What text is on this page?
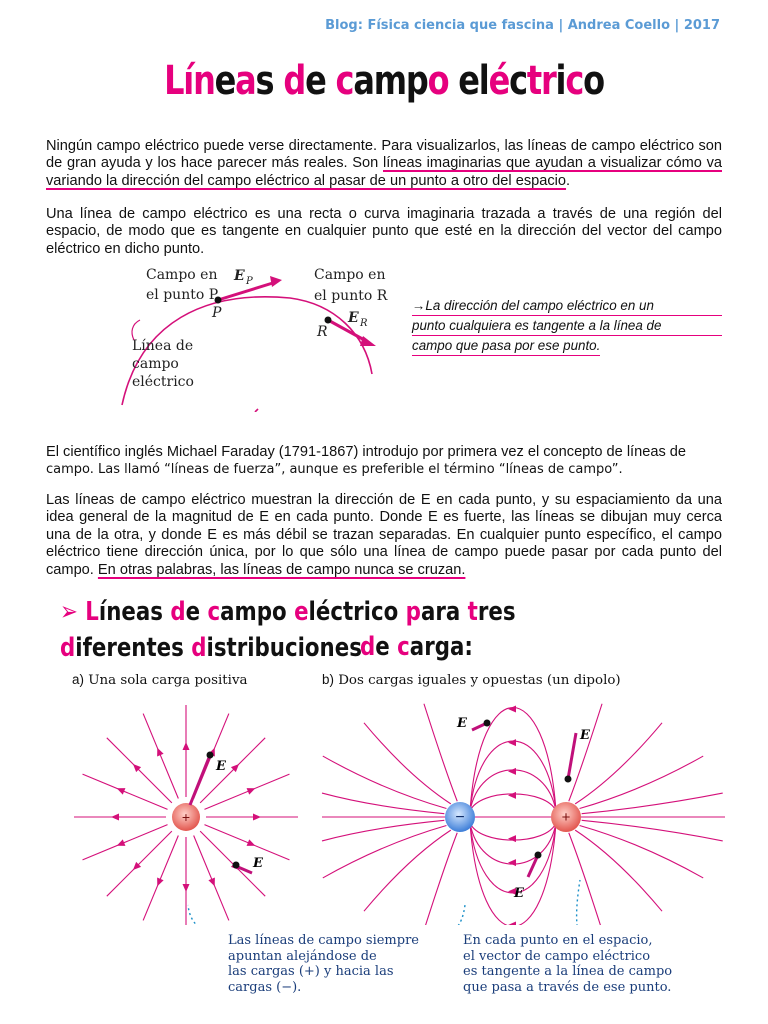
Blog: Física ciencia que fascina | Andrea Coello | 2017
Líneas de campo eléctrico
Ningún campo eléctrico puede verse directamente. Para visualizarlos, las líneas de campo eléctrico son de gran ayuda y los hace parecer más reales. Son líneas imaginarias que ayudan a visualizar cómo va variando la dirección del campo eléctrico al pasar de un punto a otro del espacio.
Una línea de campo eléctrico es una recta o curva imaginaria trazada a través de una región del espacio, de modo que es tangente en cualquier punto que esté en la dirección del vector del campo eléctrico en dicho punto.
Campo en
el punto P
P
E P	Campo en
el punto R
R
E R
Línea de
campo
eléctrico
→La dirección del campo eléctrico en un
punto cualquiera es tangente a la línea de
campo que pasa por ese punto.
El científico inglés Michael Faraday (1791-1867) introdujo por primera vez el concepto de líneas de
campo. Las llamó “líneas de fuerza”, aunque es preferible el término “líneas de campo”.
Las líneas de campo eléctrico muestran la dirección de E en cada punto, y su espaciamiento da una idea general de la magnitud de E en cada punto. Donde E es fuerte, las líneas se dibujan muy cerca una de la otra, y donde E es más débil se trazan separadas. En cualquier punto específico, el campo eléctrico tiene dirección única, por lo que sólo una línea de campo puede pasar por cada punto del campo. En otras palabras, las líneas de campo nunca se cruzan.
➢ Líneas de campo eléctrico para tres diferentes distribuciones
de carga:
a) Una sola carga positiva	b) Dos cargas iguales y opuestas (un dipolo)
+
E
E
−	+
E
E
E
Las líneas de campo siempre
apuntan alejándose de
las cargas (+) y hacia las
cargas (−).
En cada punto en el espacio,
el vector de campo eléctrico
es tangente a la línea de campo
que pasa a través de ese punto.
